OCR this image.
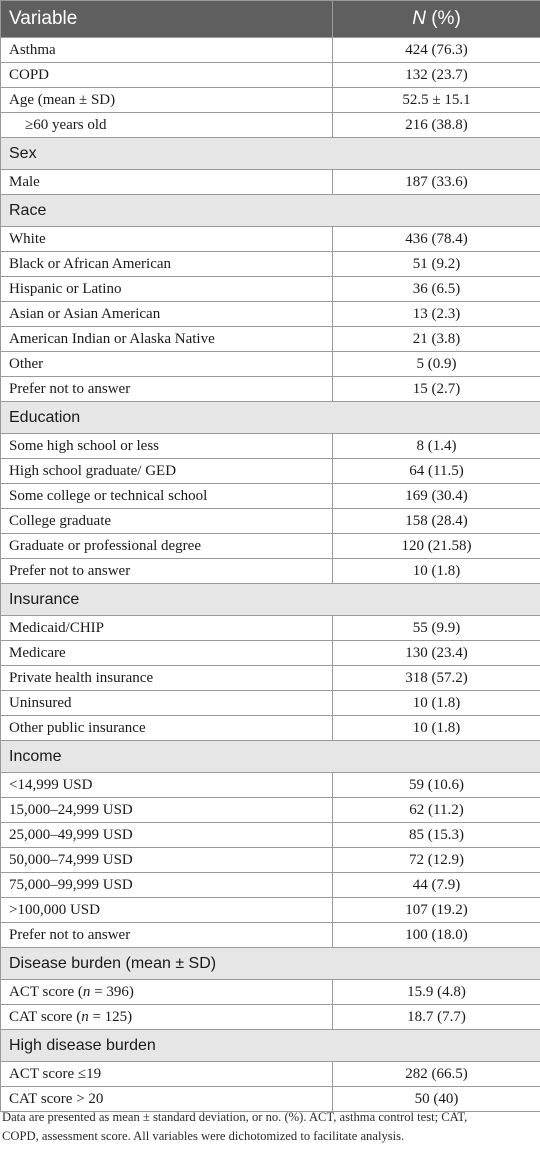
Variable	N (%)
Asthma	424 (76.3)
COPD	132 (23.7)
Age (mean ± SD)	52.5 ± 15.1
≥60 years old	216 (38.8)
Sex	
Male	187 (33.6)
Race	
White	436 (78.4)
Black or African American	51 (9.2)
Hispanic or Latino	36 (6.5)
Asian or Asian American	13 (2.3)
American Indian or Alaska Native	21 (3.8)
Other	5 (0.9)
Prefer not to answer	15 (2.7)
Education	
Some high school or less	8 (1.4)
High school graduate/ GED	64 (11.5)
Some college or technical school	169 (30.4)
College graduate	158 (28.4)
Graduate or professional degree	120 (21.58)
Prefer not to answer	10 (1.8)
Insurance	
Medicaid/CHIP	55 (9.9)
Medicare	130 (23.4)
Private health insurance	318 (57.2)
Uninsured	10 (1.8)
Other public insurance	10 (1.8)
Income	
<14,999 USD	59 (10.6)
15,000–24,999 USD	62 (11.2)
25,000–49,999 USD	85 (15.3)
50,000–74,999 USD	72 (12.9)
75,000–99,999 USD	44 (7.9)
>100,000 USD	107 (19.2)
Prefer not to answer	100 (18.0)
Disease burden (mean ± SD)	
ACT score (n = 396)	15.9 (4.8)
CAT score (n = 125)	18.7 (7.7)
High disease burden	
ACT score ≤19	282 (66.5)
CAT score > 20	50 (40)
Data are presented as mean ± standard deviation, or no. (%). ACT, asthma control test; CAT,
COPD, assessment score. All variables were dichotomized to facilitate analysis.
